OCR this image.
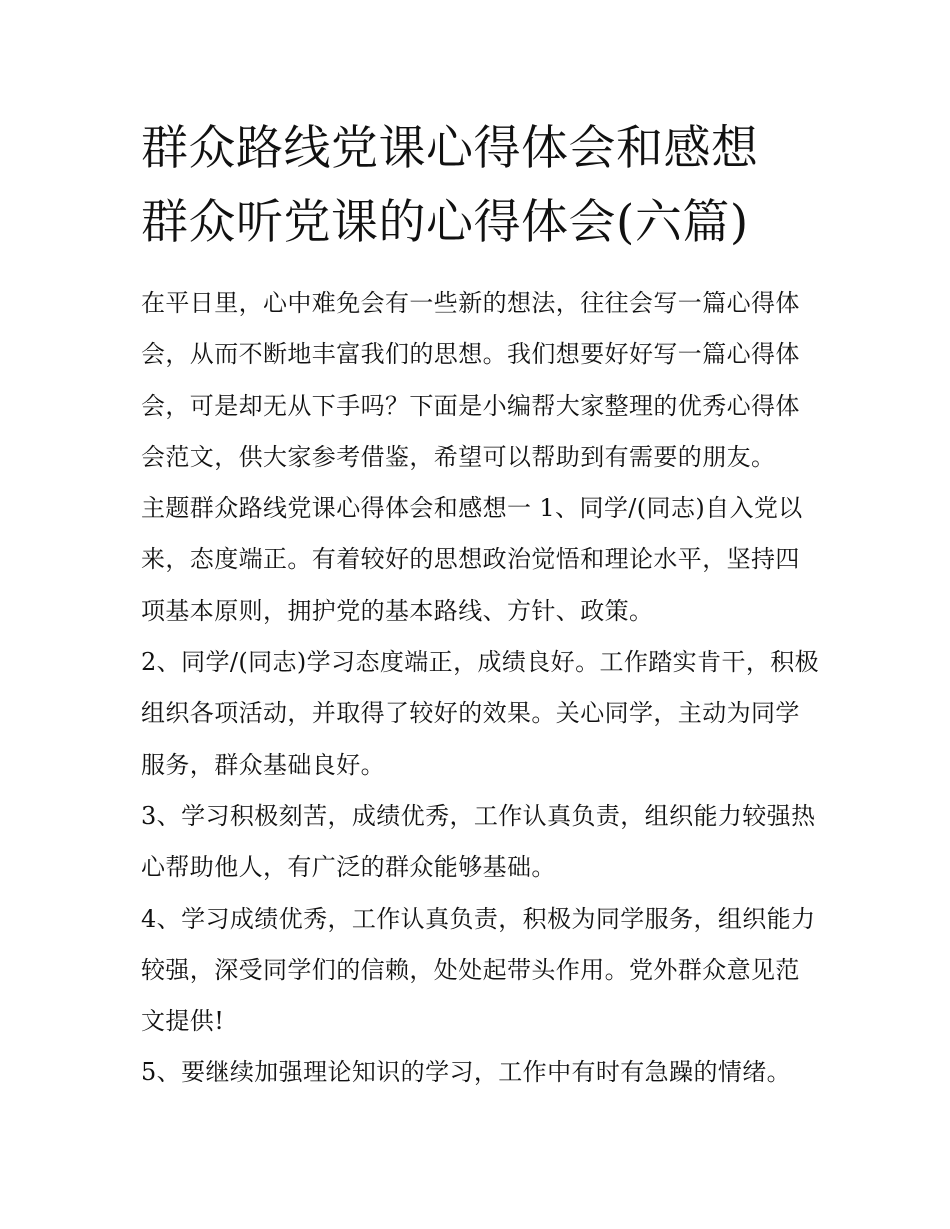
群众路线党课心得体会和感想
群众听党课的心得体会(六篇)

在平日里，心中难免会有一些新的想法，往往会写一篇心得体会，从而不断地丰富我们的思想。我们想要好好写一篇心得体会，可是却无从下手吗？下面是小编帮大家整理的优秀心得体会范文，供大家参考借鉴，希望可以帮助到有需要的朋友。

主题群众路线党课心得体会和感想一 1、同学/(同志)自入党以来，态度端正。有着较好的思想政治觉悟和理论水平，坚持四项基本原则，拥护党的基本路线、方针、政策。

2、同学/(同志)学习态度端正，成绩良好。工作踏实肯干，积极组织各项活动，并取得了较好的效果。关心同学，主动为同学服务，群众基础良好。

3、学习积极刻苦，成绩优秀，工作认真负责，组织能力较强热心帮助他人，有广泛的群众能够基础。

4、学习成绩优秀，工作认真负责，积极为同学服务，组织能力较强，深受同学们的信赖，处处起带头作用。党外群众意见范文提供!

5、要继续加强理论知识的学习，工作中有时有急躁的情绪。
